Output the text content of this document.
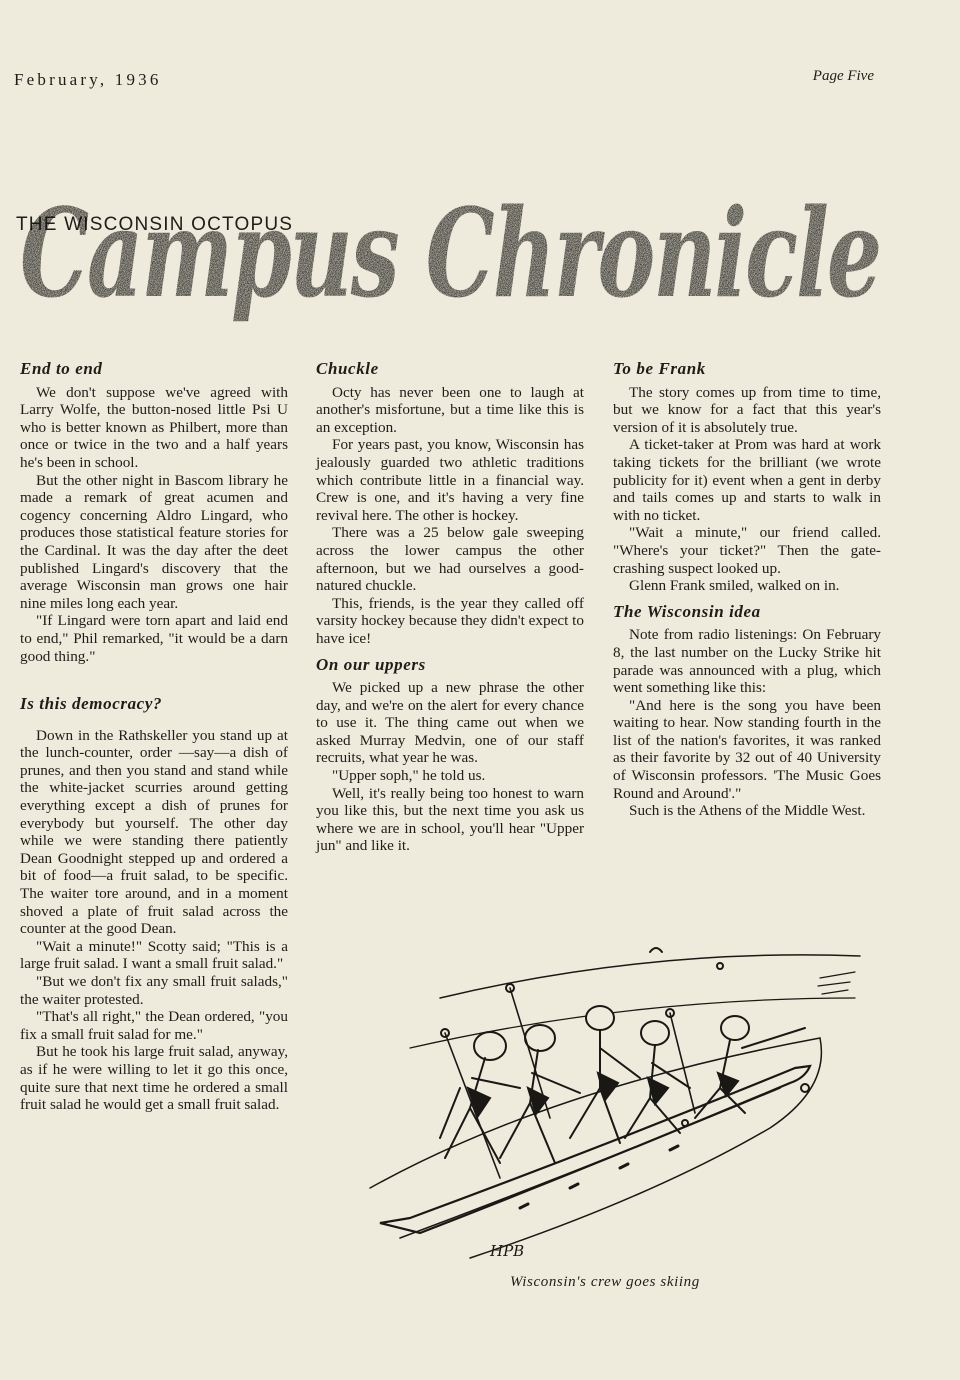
February, 1936	Page Five
THE WISCONSIN OCTOPUS
Campus Chronicle
End to end

We don't suppose we've agreed with Larry Wolfe, the button-nosed little Psi U who is better known as Philbert, more than once or twice in the two and a half years he's been in school.

But the other night in Bascom library he made a remark of great acumen and cogency concerning Aldro Lingard, who produces those statistical feature stories for the Cardinal. It was the day after the deet published Lingard's discovery that the average Wisconsin man grows one hair nine miles long each year.

"If Lingard were torn apart and laid end to end," Phil remarked, "it would be a darn good thing."

Is this democracy?

Down in the Rathskeller you stand up at the lunch-counter, order —say—a dish of prunes, and then you stand and stand while the white-jacket scurries around getting everything except a dish of prunes for everybody but yourself. The other day while we were standing there patiently Dean Goodnight stepped up and ordered a bit of food—a fruit salad, to be specific. The waiter tore around, and in a moment shoved a plate of fruit salad across the counter at the good Dean.

"Wait a minute!" Scotty said; "This is a large fruit salad. I want a small fruit salad."

"But we don't fix any small fruit salads," the waiter protested.

"That's all right," the Dean ordered, "you fix a small fruit salad for me."

But he took his large fruit salad, anyway, as if he were willing to let it go this once, quite sure that next time he ordered a small fruit salad he would get a small fruit salad.

Chuckle

Octy has never been one to laugh at another's misfortune, but a time like this is an exception.

For years past, you know, Wisconsin has jealously guarded two athletic traditions which contribute little in a financial way. Crew is one, and it's having a very fine revival here. The other is hockey.

There was a 25 below gale sweeping across the lower campus the other afternoon, but we had ourselves a good-natured chuckle.

This, friends, is the year they called off varsity hockey because they didn't expect to have ice!

On our uppers

We picked up a new phrase the other day, and we're on the alert for every chance to use it. The thing came out when we asked Murray Medvin, one of our staff recruits, what year he was.

"Upper soph," he told us.

Well, it's really being too honest to warn you like this, but the next time you ask us where we are in school, you'll hear "Upper jun" and like it.

To be Frank

The story comes up from time to time, but we know for a fact that this year's version of it is absolutely true.

A ticket-taker at Prom was hard at work taking tickets for the brilliant (we wrote publicity for it) event when a gent in derby and tails comes up and starts to walk in with no ticket.

"Wait a minute," our friend called. "Where's your ticket?" Then the gate-crashing suspect looked up.

Glenn Frank smiled, walked on in.

The Wisconsin idea

Note from radio listenings: On February 8, the last number on the Lucky Strike hit parade was announced with a plug, which went something like this:

"And here is the song you have been waiting to hear. Now standing fourth in the list of the nation's favorites, it was ranked as their favorite by 32 out of 40 University of Wisconsin professors. 'The Music Goes Round and Around'."

Such is the Athens of the Middle West.

HPB
Wisconsin's crew goes skiing
